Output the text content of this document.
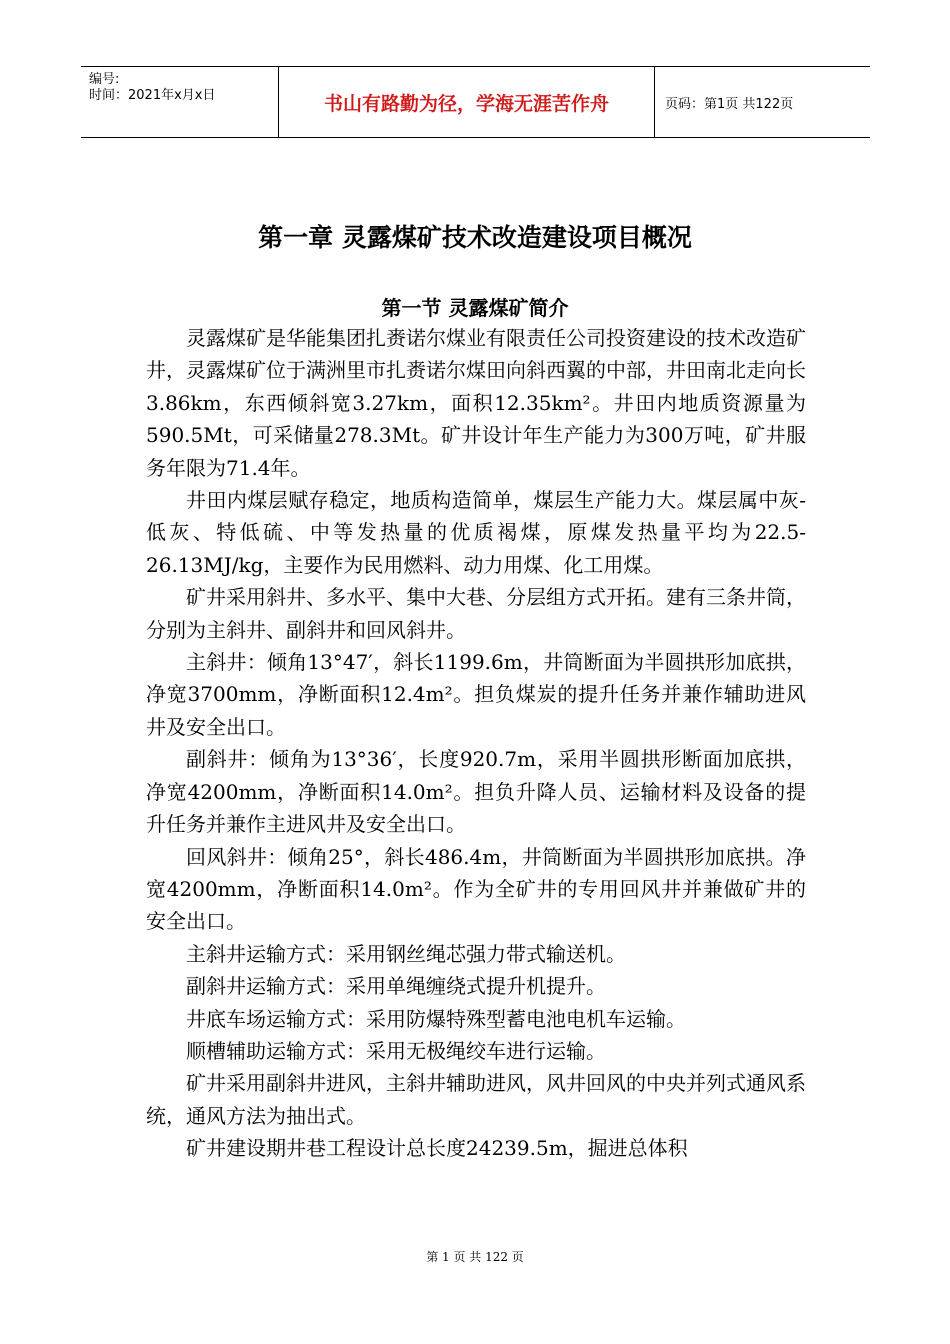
编号:
时间：2021年x月x日	书山有路勤为径，学海无涯苦作舟	页码：第1页 共122页
第一章 灵露煤矿技术改造建设项目概况
第一节 灵露煤矿简介

灵露煤矿是华能集团扎赉诺尔煤业有限责任公司投资建设的技术改造矿井，灵露煤矿位于满洲里市扎赉诺尔煤田向斜西翼的中部，井田南北走向长3.86km，东西倾斜宽3.27km，面积12.35km²。井田内地质资源量为 590.5Mt，可采储量278.3Mt。矿井设计年生产能力为300万吨，矿井服务年限为71.4年。

井田内煤层赋存稳定，地质构造简单，煤层生产能力大。煤层属中灰-低灰、特低硫、中等发热量的优质褐煤，原煤发热量平均为22.5-26.13MJ/kg，主要作为民用燃料、动力用煤、化工用煤。

矿井采用斜井、多水平、集中大巷、分层组方式开拓。建有三条井筒，分别为主斜井、副斜井和回风斜井。

主斜井：倾角13°47′，斜长1199.6m，井筒断面为半圆拱形加底拱，净宽3700mm，净断面积12.4m²。担负煤炭的提升任务并兼作辅助进风井及安全出口。

副斜井：倾角为13°36′，长度920.7m，采用半圆拱形断面加底拱，净宽4200mm，净断面积14.0m²。担负升降人员、运输材料及设备的提升任务并兼作主进风井及安全出口。

回风斜井：倾角25°，斜长486.4m，井筒断面为半圆拱形加底拱。净宽4200mm，净断面积14.0m²。作为全矿井的专用回风井并兼做矿井的安全出口。

主斜井运输方式：采用钢丝绳芯强力带式输送机。

副斜井运输方式：采用单绳缠绕式提升机提升。

井底车场运输方式：采用防爆特殊型蓄电池电机车运输。

顺槽辅助运输方式：采用无极绳绞车进行运输。

矿井采用副斜井进风，主斜井辅助进风，风井回风的中央并列式通风系统，通风方法为抽出式。

矿井建设期井巷工程设计总长度24239.5m，掘进总体积

第 1 页 共 122 页
